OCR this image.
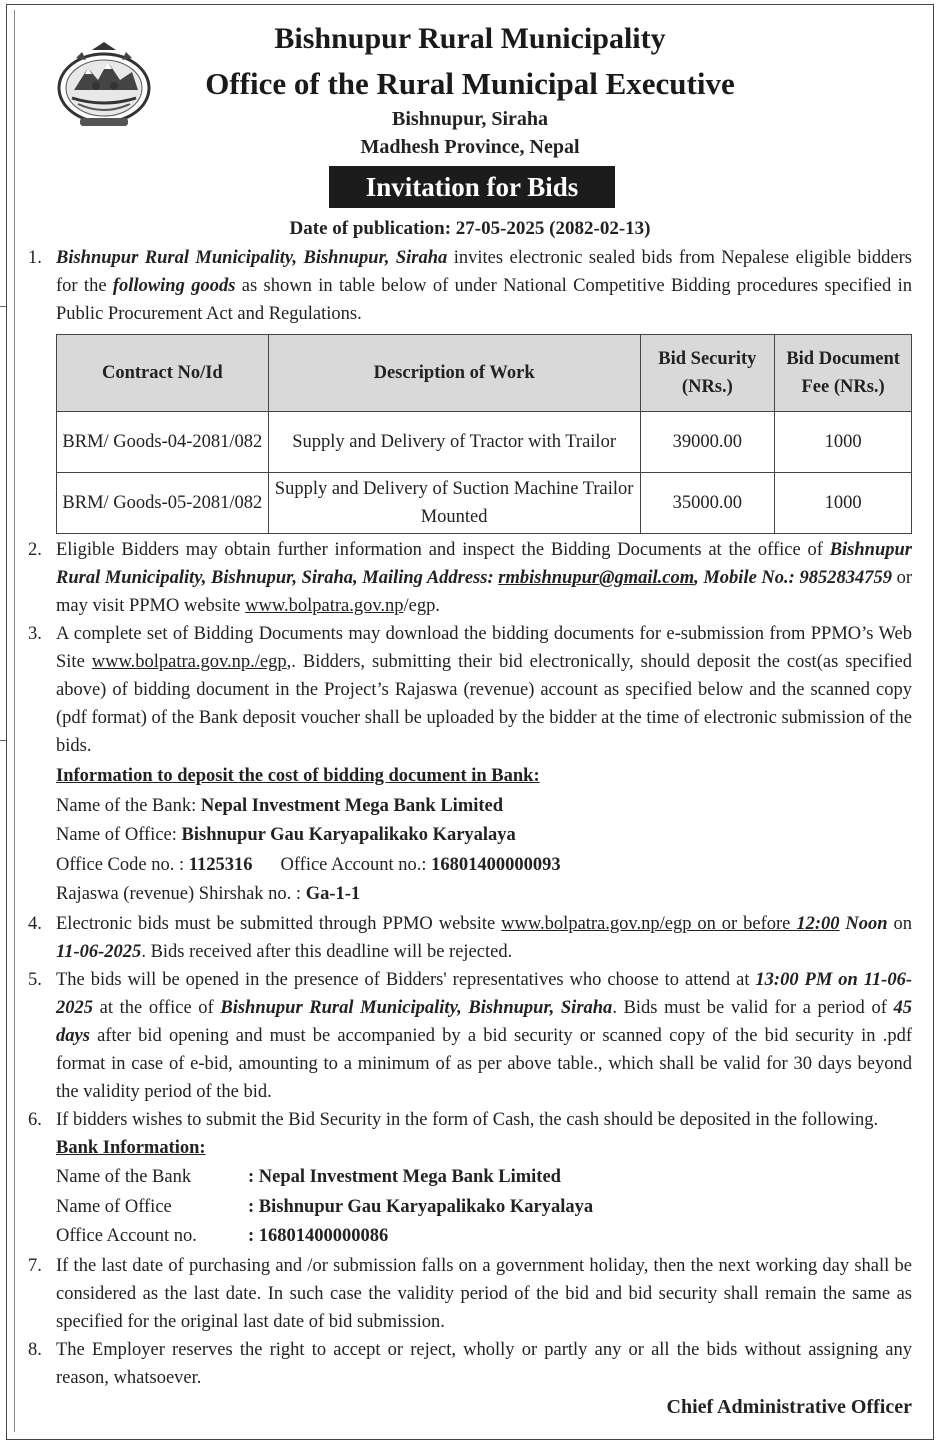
Bishnupur Rural Municipality
Office of the Rural Municipal Executive
Bishnupur, Siraha
Madhesh Province, Nepal
Invitation for Bids
Date of publication: 27-05-2025 (2082-02-13)
1. Bishnupur Rural Municipality, Bishnupur, Siraha invites electronic sealed bids from Nepalese eligible bidders for the following goods as shown in table below of under National Competitive Bidding procedures specified in Public Procurement Act and Regulations.
Contract No/Id	Description of Work	Bid Security (NRs.)	Bid Document Fee (NRs.)
BRM/ Goods-04-2081/082	Supply and Delivery of Tractor with Trailor	39000.00	1000
BRM/ Goods-05-2081/082	Supply and Delivery of Suction Machine Trailor Mounted	35000.00	1000
2. Eligible Bidders may obtain further information and inspect the Bidding Documents at the office of Bishnupur Rural Municipality, Bishnupur, Siraha, Mailing Address: rmbishnupur@gmail.com, Mobile No.: 9852834759 or may visit PPMO website www.bolpatra.gov.np/egp.
3. A complete set of Bidding Documents may download the bidding documents for e-submission from PPMO’s Web Site www.bolpatra.gov.np./egp,. Bidders, submitting their bid electronically, should deposit the cost(as specified above) of bidding document in the Project’s Rajaswa (revenue) account as specified below and the scanned copy (pdf format) of the Bank deposit voucher shall be uploaded by the bidder at the time of electronic submission of the bids.
Information to deposit the cost of bidding document in Bank:
Name of the Bank: Nepal Investment Mega Bank Limited
Name of Office: Bishnupur Gau Karyapalikako Karyalaya
Office Code no. : 1125316 Office Account no.: 16801400000093
Rajaswa (revenue) Shirshak no. : Ga-1-1
4. Electronic bids must be submitted through PPMO website www.bolpatra.gov.np/egp on or before 12:00 Noon on 11-06-2025. Bids received after this deadline will be rejected.
5. The bids will be opened in the presence of Bidders' representatives who choose to attend at 13:00 PM on 11-06-2025 at the office of Bishnupur Rural Municipality, Bishnupur, Siraha. Bids must be valid for a period of 45 days after bid opening and must be accompanied by a bid security or scanned copy of the bid security in .pdf format in case of e-bid, amounting to a minimum of as per above table., which shall be valid for 30 days beyond the validity period of the bid.
6. If bidders wishes to submit the Bid Security in the form of Cash, the cash should be deposited in the following.
Bank Information:
Name of the Bank	: Nepal Investment Mega Bank Limited
Name of Office	: Bishnupur Gau Karyapalikako Karyalaya
Office Account no.	: 16801400000086
7. If the last date of purchasing and /or submission falls on a government holiday, then the next working day shall be considered as the last date. In such case the validity period of the bid and bid security shall remain the same as specified for the original last date of bid submission.
8. The Employer reserves the right to accept or reject, wholly or partly any or all the bids without assigning any reason, whatsoever.
Chief Administrative Officer
